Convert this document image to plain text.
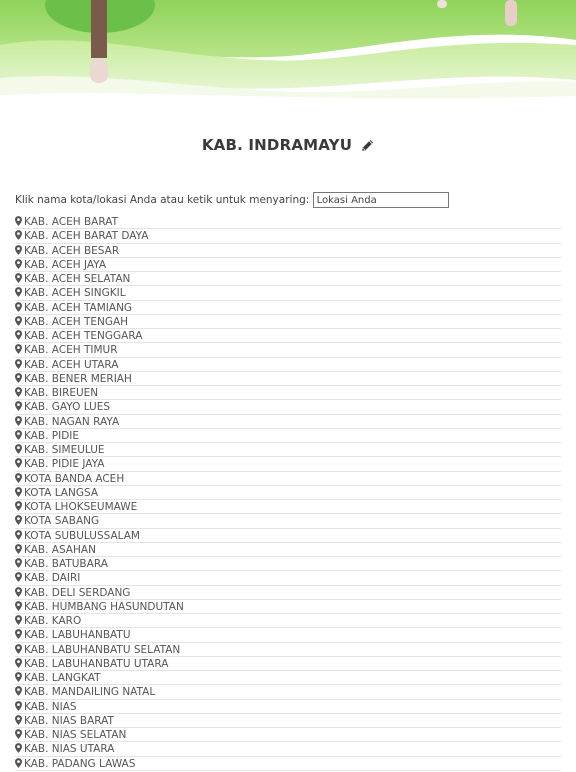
KAB. INDRAMAYU
Klik nama kota/lokasi Anda atau ketik untuk menyaring: Lokasi Anda
KAB. ACEH BARAT
KAB. ACEH BARAT DAYA
KAB. ACEH BESAR
KAB. ACEH JAYA
KAB. ACEH SELATAN
KAB. ACEH SINGKIL
KAB. ACEH TAMIANG
KAB. ACEH TENGAH
KAB. ACEH TENGGARA
KAB. ACEH TIMUR
KAB. ACEH UTARA
KAB. BENER MERIAH
KAB. BIREUEN
KAB. GAYO LUES
KAB. NAGAN RAYA
KAB. PIDIE
KAB. SIMEULUE
KAB. PIDIE JAYA
KOTA BANDA ACEH
KOTA LANGSA
KOTA LHOKSEUMAWE
KOTA SABANG
KOTA SUBULUSSALAM
KAB. ASAHAN
KAB. BATUBARA
KAB. DAIRI
KAB. DELI SERDANG
KAB. HUMBANG HASUNDUTAN
KAB. KARO
KAB. LABUHANBATU
KAB. LABUHANBATU SELATAN
KAB. LABUHANBATU UTARA
KAB. LANGKAT
KAB. MANDAILING NATAL
KAB. NIAS
KAB. NIAS BARAT
KAB. NIAS SELATAN
KAB. NIAS UTARA
KAB. PADANG LAWAS
